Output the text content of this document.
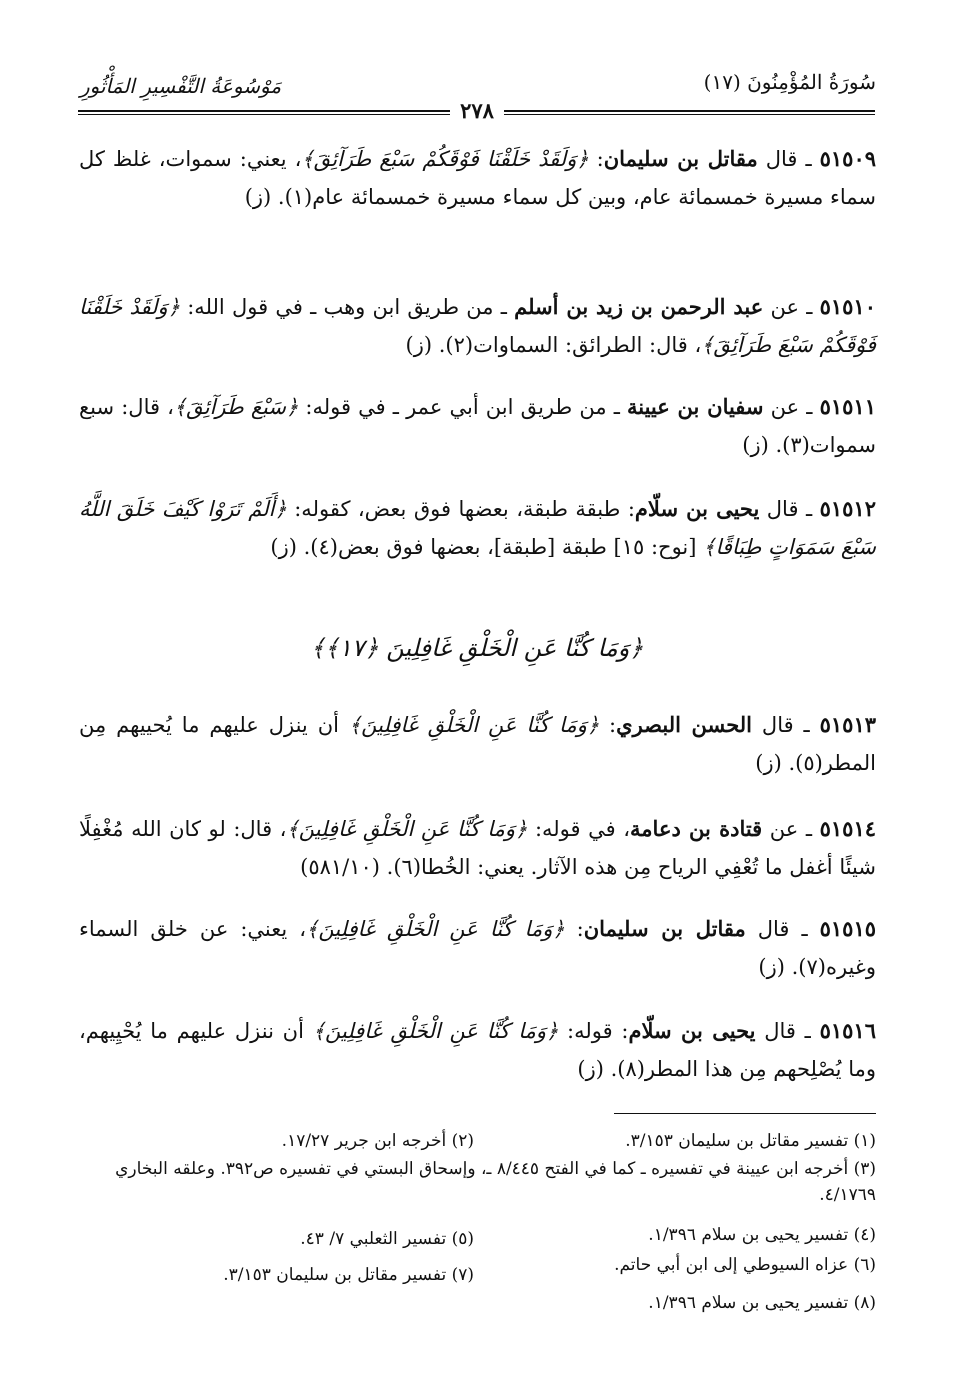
سُورَةُ المُؤْمِنُونَ (١٧)
مَوْسُوعَةُ التَّفْسِيرِ المَأْثُورِ
٢٧٨
٥١٥٠٩ ـ قال مقاتل بن سليمان: ﴿وَلَقَدْ خَلَقْنَا فَوْقَكُمْ سَبْعَ طَرَآئِقَ﴾، يعني: سموات، غلظ كل سماء مسيرة خمسمائة عام، وبين كل سماء مسيرة خمسمائة عام(١). (ز)
٥١٥١٠ ـ عن عبد الرحمن بن زيد بن أسلم ـ من طريق ابن وهب ـ في قول الله: ﴿وَلَقَدْ خَلَقْنَا فَوْقَكُمْ سَبْعَ طَرَآئِقَ﴾، قال: الطرائق: السماوات(٢). (ز)
٥١٥١١ ـ عن سفيان بن عيينة ـ من طريق ابن أبي عمر ـ في قوله: ﴿سَبْعَ طَرَآئِقَ﴾، قال: سبع سموات(٣). (ز)
٥١٥١٢ ـ قال يحيى بن سلّام: طبقة طبقة، بعضها فوق بعض، كقوله: ﴿أَلَمْ تَرَوْا كَيْفَ خَلَقَ اللَّهُ سَبْعَ سَمَوَاتٍ طِبَاقًا﴾ [نوح: ١٥] طبقة [طبقة]، بعضها فوق بعض(٤). (ز)
﴿وَمَا كُنَّا عَنِ الْخَلْقِ غَافِلِينَ ﴿١٧﴾﴾
٥١٥١٣ ـ قال الحسن البصري: ﴿وَمَا كُنَّا عَنِ الْخَلْقِ غَافِلِينَ﴾ أن ينزل عليهم ما يُحييهم مِن المطر(٥). (ز)
٥١٥١٤ ـ عن قتادة بن دعامة، في قوله: ﴿وَمَا كُنَّا عَنِ الْخَلْقِ غَافِلِينَ﴾، قال: لو كان الله مُغْفِلًا شيئًا أغفل ما تُعْفِي الرياح مِن هذه الآثار. يعني: الخُطا(٦). (٥٨١/١٠)
٥١٥١٥ ـ قال مقاتل بن سليمان: ﴿وَمَا كُنَّا عَنِ الْخَلْقِ غَافِلِينَ﴾، يعني: عن خلق السماء وغيره(٧). (ز)
٥١٥١٦ ـ قال يحيى بن سلّام: قوله: ﴿وَمَا كُنَّا عَنِ الْخَلْقِ غَافِلِينَ﴾ أن ننزل عليهم ما يُحْيِيهم، وما يُصْلِحهم مِن هذا المطر(٨). (ز)
(١) تفسير مقاتل بن سليمان ٣/١٥٣.
(٢) أخرجه ابن جرير ١٧/٢٧.
(٣) أخرجه ابن عيينة في تفسيره ـ كما في الفتح ٨/٤٤٥ ـ، وإسحاق البستي في تفسيره ص٣٩٢. وعلقه البخاري ٤/١٧٦٩.
(٤) تفسير يحيى بن سلام ١/٣٩٦.
(٥) تفسير الثعلبي ٧/ ٤٣.
(٦) عزاه السيوطي إلى ابن أبي حاتم.
(٧) تفسير مقاتل بن سليمان ٣/١٥٣.
(٨) تفسير يحيى بن سلام ١/٣٩٦.
